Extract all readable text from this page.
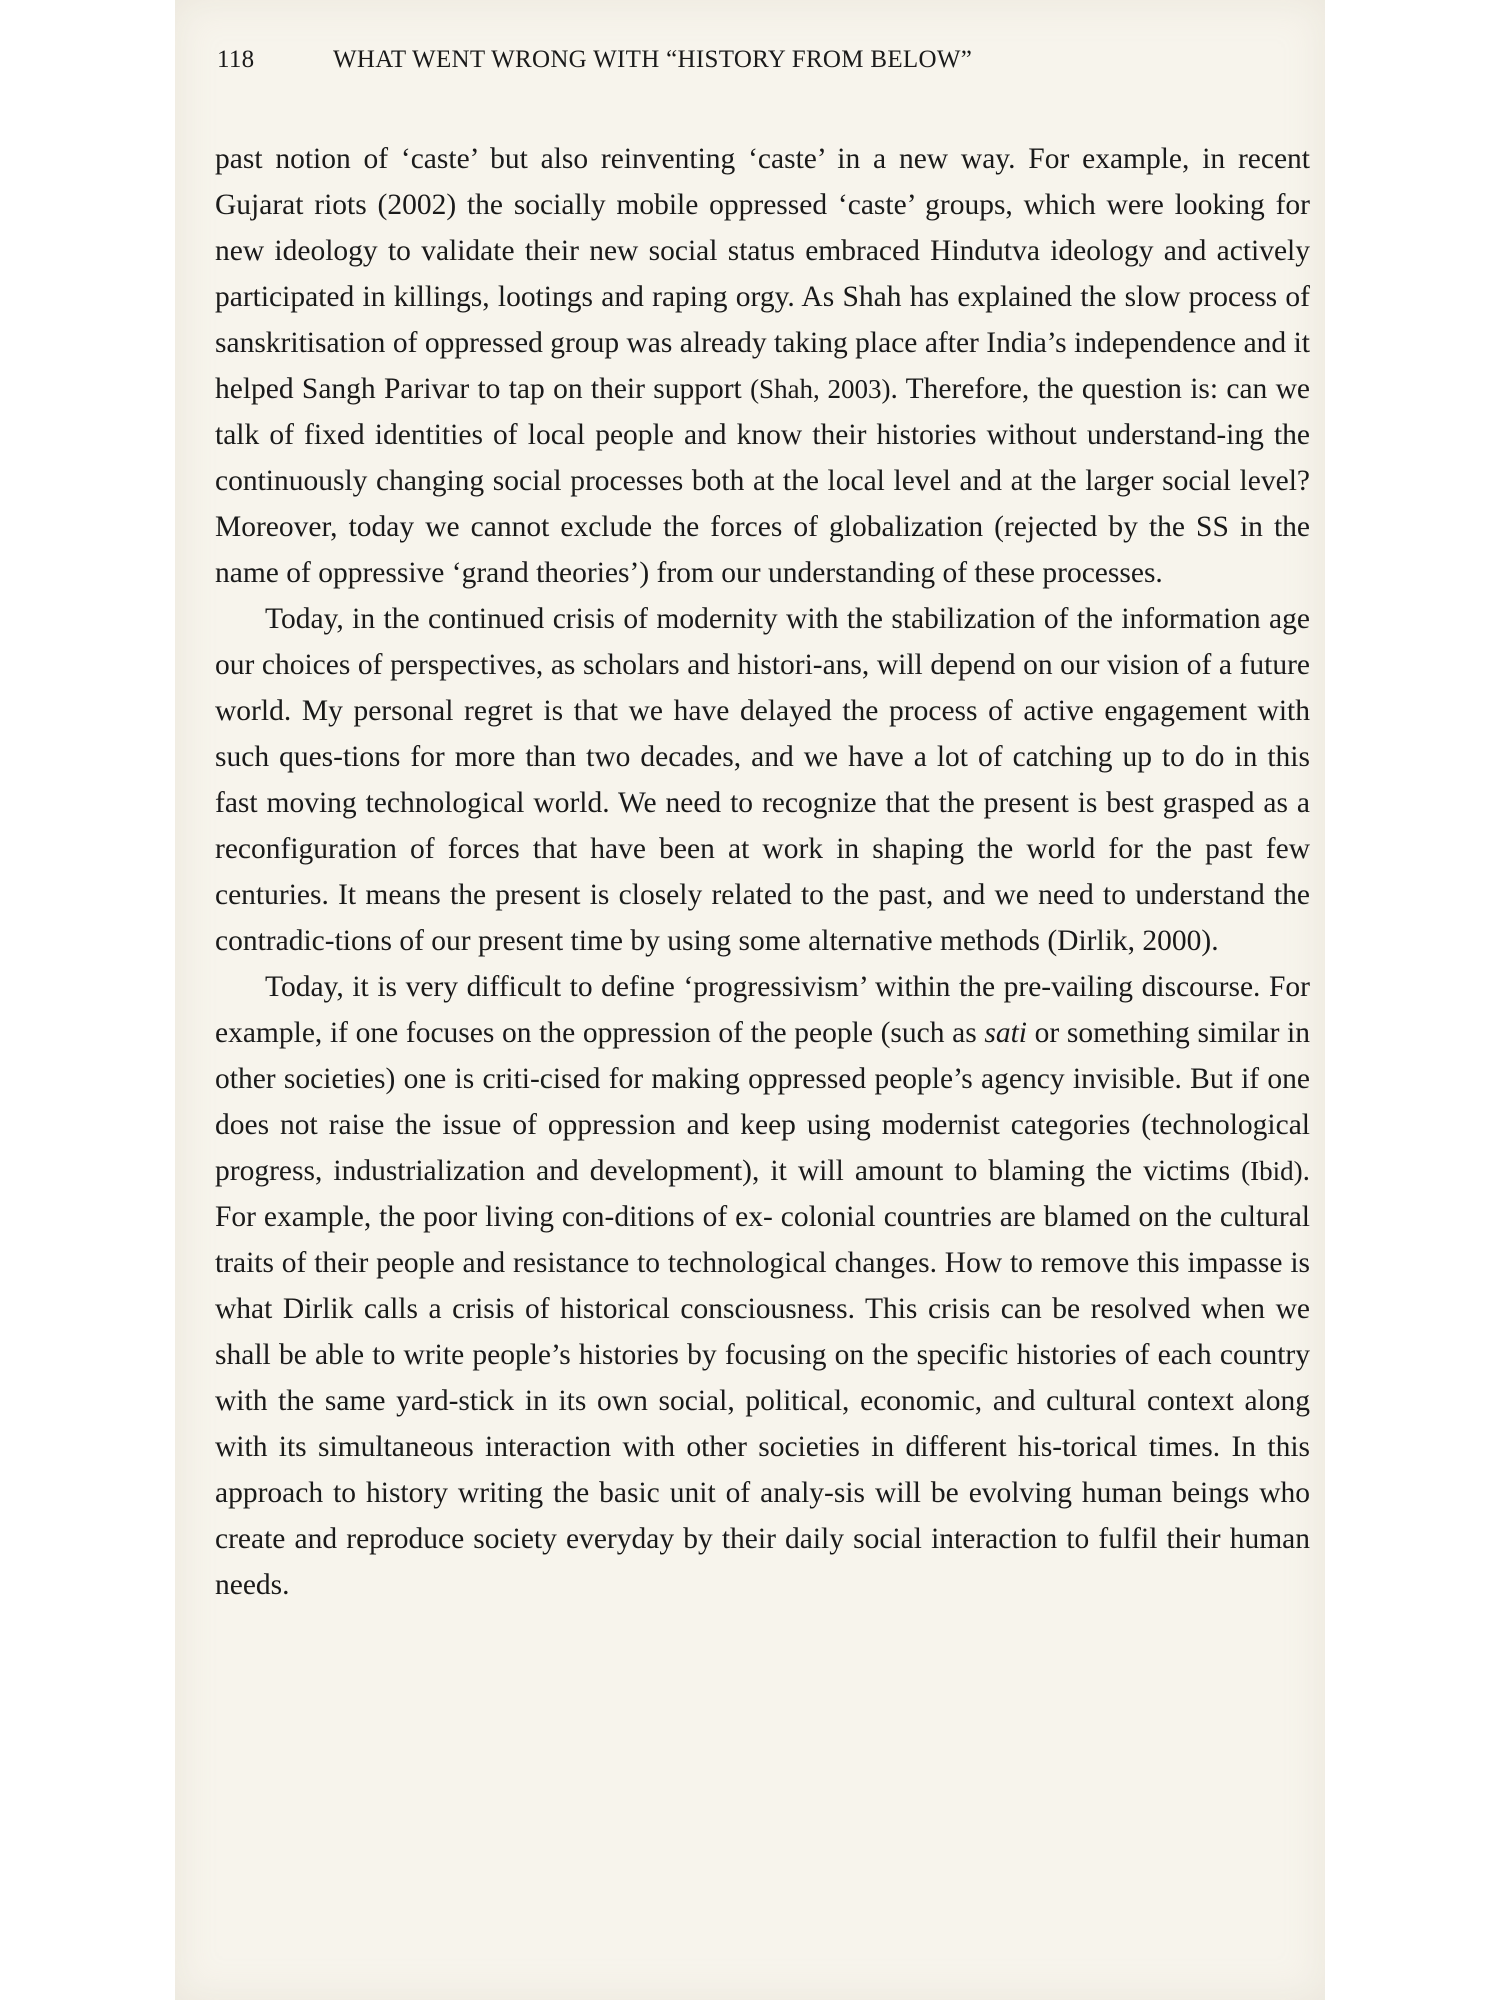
118	WHAT WENT WRONG WITH “HISTORY FROM BELOW”

past notion of ‘caste’ but also reinventing ‘caste’ in a new way. For example, in recent Gujarat riots (2002) the socially mobile oppressed ‘caste’ groups, which were looking for new ideology to validate their new social status embraced Hindutva ideology and actively participated in killings, lootings and raping orgy. As Shah has explained the slow process of sanskritisation of oppressed group was already taking place after India’s independence and it helped Sangh Parivar to tap on their support (Shah, 2003). Therefore, the question is: can we talk of fixed identities of local people and know their histories without understand-ing the continuously changing social processes both at the local level and at the larger social level? Moreover, today we cannot exclude the forces of globalization (rejected by the SS in the name of oppressive ‘grand theories’) from our understanding of these processes.

Today, in the continued crisis of modernity with the stabilization of the information age our choices of perspectives, as scholars and histori-ans, will depend on our vision of a future world. My personal regret is that we have delayed the process of active engagement with such ques-tions for more than two decades, and we have a lot of catching up to do in this fast moving technological world. We need to recognize that the present is best grasped as a reconfiguration of forces that have been at work in shaping the world for the past few centuries. It means the present is closely related to the past, and we need to understand the contradic-tions of our present time by using some alternative methods (Dirlik, 2000).

Today, it is very difficult to define ‘progressivism’ within the pre-vailing discourse. For example, if one focuses on the oppression of the people (such as sati or something similar in other societies) one is criti-cised for making oppressed people’s agency invisible. But if one does not raise the issue of oppression and keep using modernist categories (technological progress, industrialization and development), it will amount to blaming the victims (Ibid). For example, the poor living con-ditions of ex- colonial countries are blamed on the cultural traits of their people and resistance to technological changes. How to remove this impasse is what Dirlik calls a crisis of historical consciousness. This crisis can be resolved when we shall be able to write people’s histories by focusing on the specific histories of each country with the same yard-stick in its own social, political, economic, and cultural context along with its simultaneous interaction with other societies in different his-torical times. In this approach to history writing the basic unit of analy-sis will be evolving human beings who create and reproduce society everyday by their daily social interaction to fulfil their human needs.
